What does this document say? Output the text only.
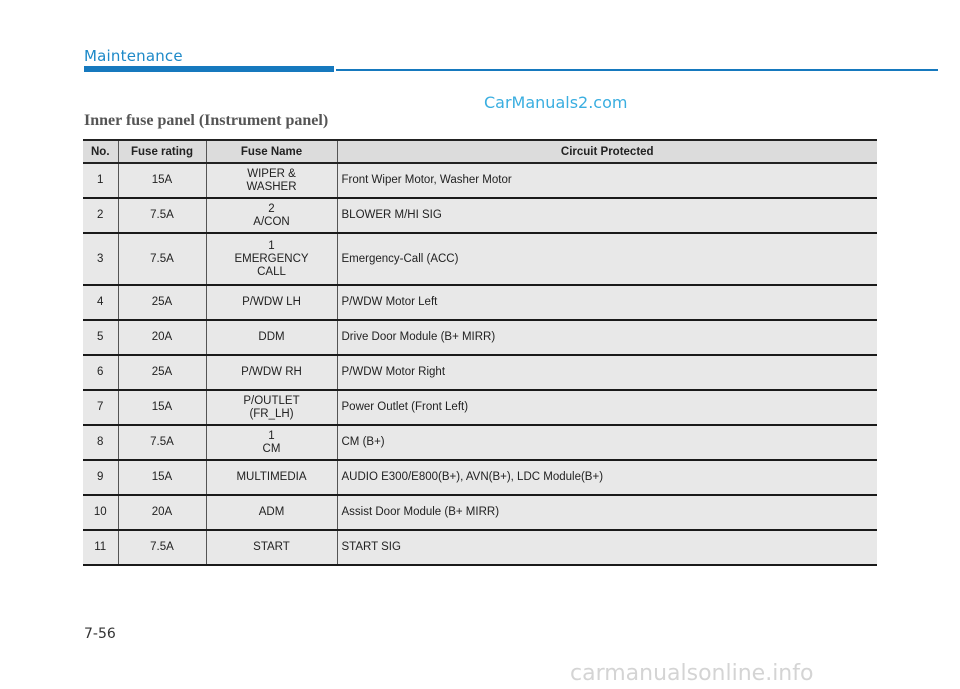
Maintenance
CarManuals2.com
Inner fuse panel (Instrument panel)
No.	Fuse rating	Fuse Name	Circuit Protected
1	15A	WIPER &
WASHER	Front Wiper Motor, Washer Motor
2	7.5A	2
A/CON	BLOWER M/HI SIG
3	7.5A	1
EMERGENCY
CALL	Emergency-Call (ACC)
4	25A	P/WDW LH	P/WDW Motor Left
5	20A	DDM	Drive Door Module (B+ MIRR)
6	25A	P/WDW RH	P/WDW Motor Right
7	15A	P/OUTLET
(FR_LH)	Power Outlet (Front Left)
8	7.5A	1
CM	CM (B+)
9	15A	MULTIMEDIA	AUDIO E300/E800(B+), AVN(B+), LDC Module(B+)
10	20A	ADM	Assist Door Module (B+ MIRR)
11	7.5A	START	START SIG
7-56
carmanualsonline.info
